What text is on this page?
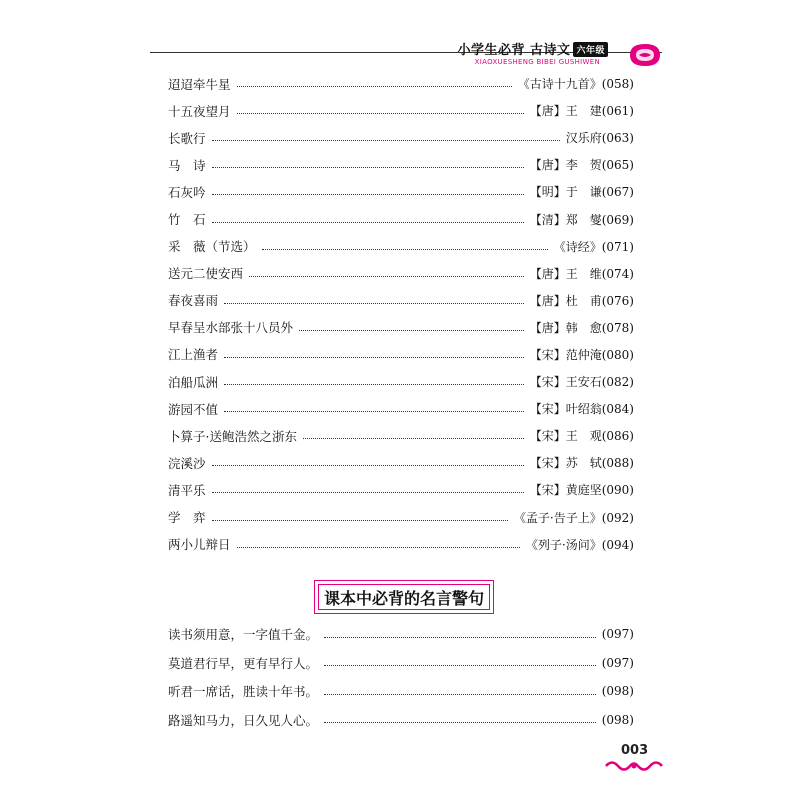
小学生必背 古诗文 六年级
XIAOXUESHENG BIBEI GUSHIWEN
迢迢牵牛星	《古诗十九首》(058)
十五夜望月	【唐】王　建(061)
长歌行	汉乐府(063)
马　诗	【唐】李　贺(065)
石灰吟	【明】于　谦(067)
竹　石	【清】郑　燮(069)
采　薇（节选）	《诗经》(071)
送元二使安西	【唐】王　维(074)
春夜喜雨	【唐】杜　甫(076)
早春呈水部张十八员外	【唐】韩　愈(078)
江上渔者	【宋】范仲淹(080)
泊船瓜洲	【宋】王安石(082)
游园不值	【宋】叶绍翁(084)
卜算子·送鲍浩然之浙东	【宋】王　观(086)
浣溪沙	【宋】苏　轼(088)
清平乐	【宋】黄庭坚(090)
学　弈	《孟子·告子上》(092)
两小儿辩日	《列子·汤问》(094)
课本中必背的名言警句
读书须用意，一字值千金。	(097)
莫道君行早，更有早行人。	(097)
听君一席话，胜读十年书。	(098)
路遥知马力，日久见人心。	(098)
003
